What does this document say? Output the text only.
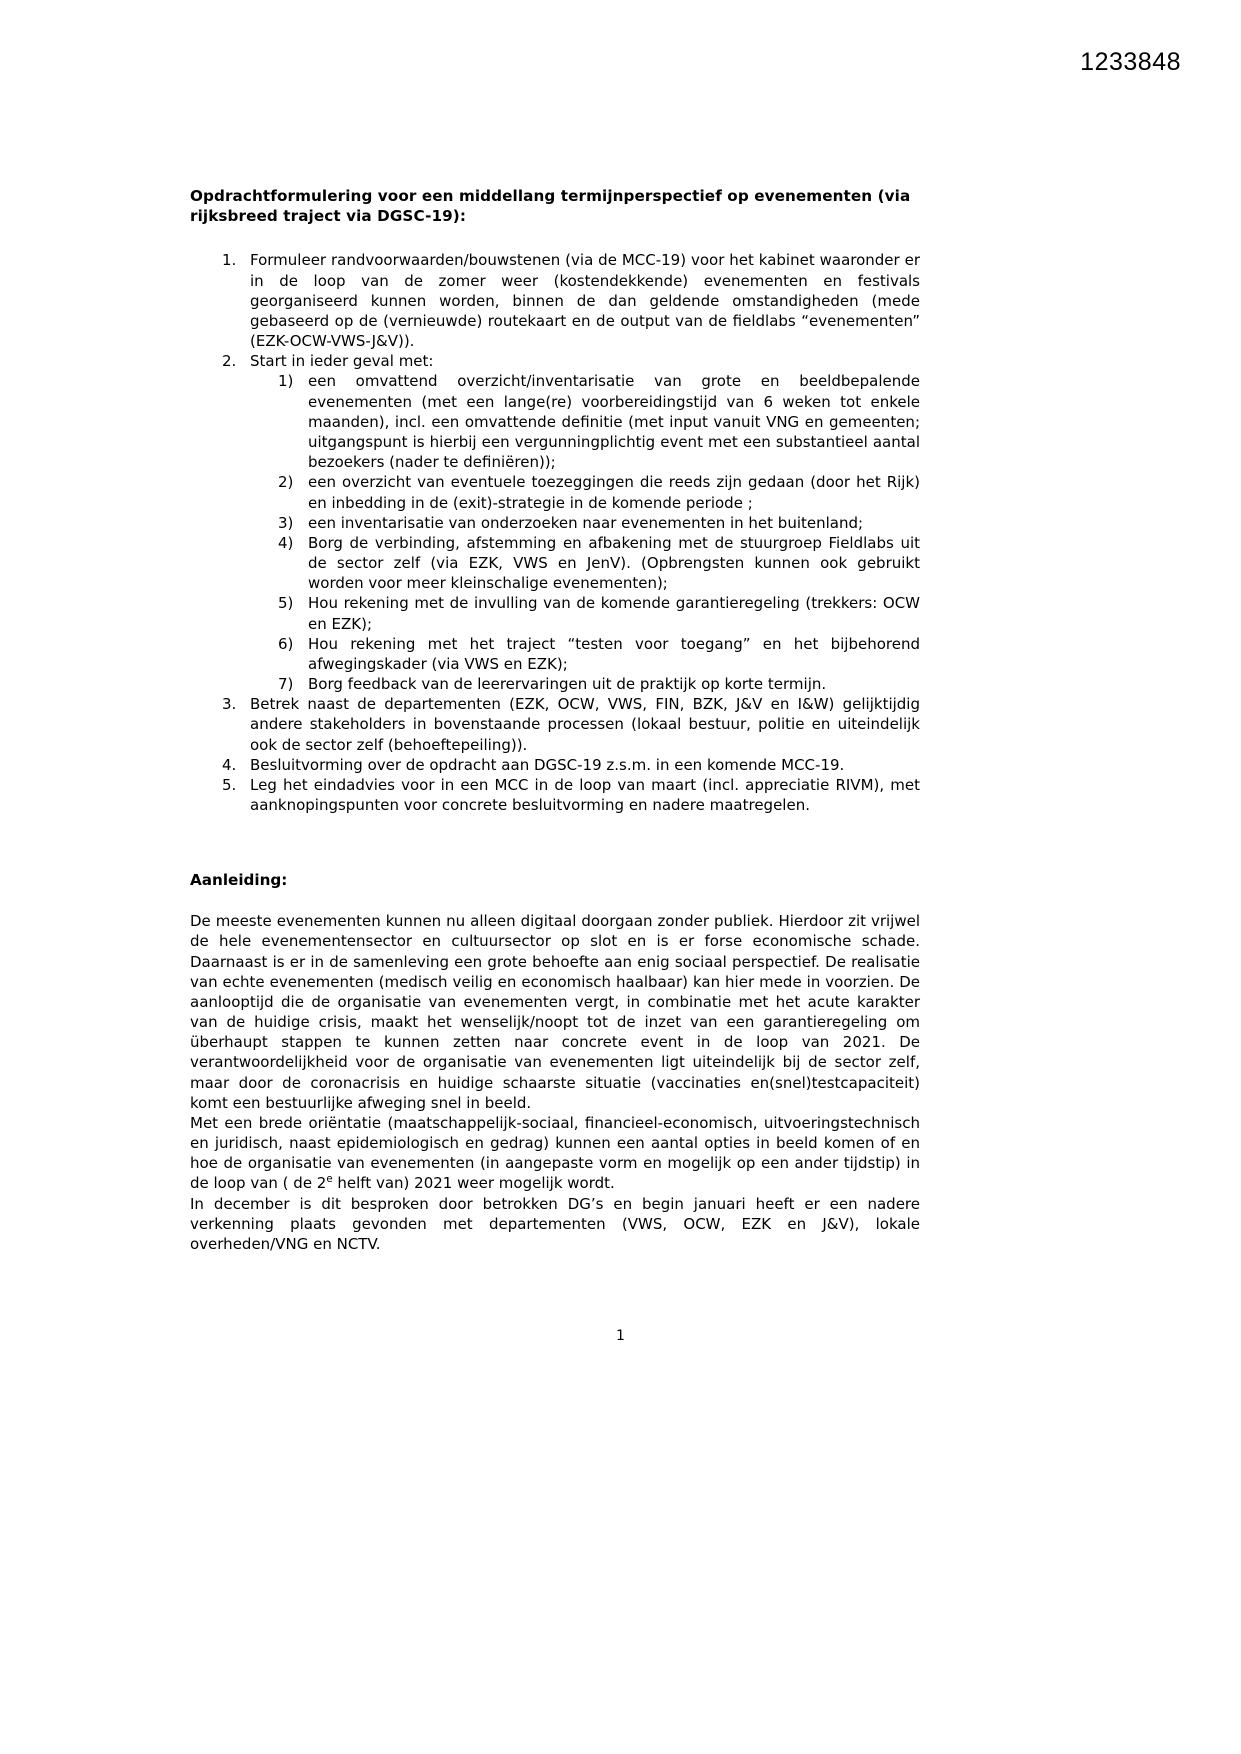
1233848
Opdrachtformulering voor een middellang termijnperspectief op evenementen (via
rijksbreed traject via DGSC-19):
Formuleer randvoorwaarden/bouwstenen (via de MCC-19) voor het kabinet waaronder er in de loop van de zomer weer (kostendekkende) evenementen en festivals georganiseerd kunnen worden, binnen de dan geldende omstandigheden (mede gebaseerd op de (vernieuwde) routekaart en de output van de fieldlabs “evenementen” (EZK-OCW-VWS-J&V)).
Start in ieder geval met:
een omvattend overzicht/inventarisatie van grote en beeldbepalende evenementen (met een lange(re) voorbereidingstijd van 6 weken tot enkele maanden), incl. een omvattende definitie (met input vanuit VNG en gemeenten; uitgangspunt is hierbij een vergunningplichtig event met een substantieel aantal bezoekers (nader te definiëren));
een overzicht van eventuele toezeggingen die reeds zijn gedaan (door het Rijk) en inbedding in de (exit)-strategie in de komende periode ;
een inventarisatie van onderzoeken naar evenementen in het buitenland;
Borg de verbinding, afstemming en afbakening met de stuurgroep Fieldlabs uit de sector zelf (via EZK, VWS en JenV). (Opbrengsten kunnen ook gebruikt worden voor meer kleinschalige evenementen);
Hou rekening met de invulling van de komende garantieregeling (trekkers: OCW en EZK);
Hou rekening met het traject “testen voor toegang” en het bijbehorend afwegingskader (via VWS en EZK);
Borg feedback van de leerervaringen uit de praktijk op korte termijn.
Betrek naast de departementen (EZK, OCW, VWS, FIN, BZK, J&V en I&W) gelijktijdig andere stakeholders in bovenstaande processen (lokaal bestuur, politie en uiteindelijk ook de sector zelf (behoeftepeiling)).
Besluitvorming over de opdracht aan DGSC-19 z.s.m. in een komende MCC-19.
Leg het eindadvies voor in een MCC in de loop van maart (incl. appreciatie RIVM), met aanknopingspunten voor concrete besluitvorming en nadere maatregelen.
Aanleiding:

De meeste evenementen kunnen nu alleen digitaal doorgaan zonder publiek. Hierdoor zit vrijwel de hele evenementensector en cultuursector op slot en is er forse economische schade. Daarnaast is er in de samenleving een grote behoefte aan enig sociaal perspectief. De realisatie van echte evenementen (medisch veilig en economisch haalbaar) kan hier mede in voorzien. De aanlooptijd die de organisatie van evenementen vergt, in combinatie met het acute karakter van de huidige crisis, maakt het wenselijk/noopt tot de inzet van een garantieregeling om überhaupt stappen te kunnen zetten naar concrete event in de loop van 2021. De verantwoordelijkheid voor de organisatie van evenementen ligt uiteindelijk bij de sector zelf, maar door de coronacrisis en huidige schaarste situatie (vaccinaties en(snel)testcapaciteit) komt een bestuurlijke afweging snel in beeld.

Met een brede oriëntatie (maatschappelijk-sociaal, financieel-economisch, uitvoeringstechnisch en juridisch, naast epidemiologisch en gedrag) kunnen een aantal opties in beeld komen of en hoe de organisatie van evenementen (in aangepaste vorm en mogelijk op een ander tijdstip) in de loop van ( de 2e helft van) 2021 weer mogelijk wordt.

In december is dit besproken door betrokken DG’s en begin januari heeft er een nadere verkenning plaats gevonden met departementen (VWS, OCW, EZK en J&V), lokale overheden/VNG en NCTV.

1
